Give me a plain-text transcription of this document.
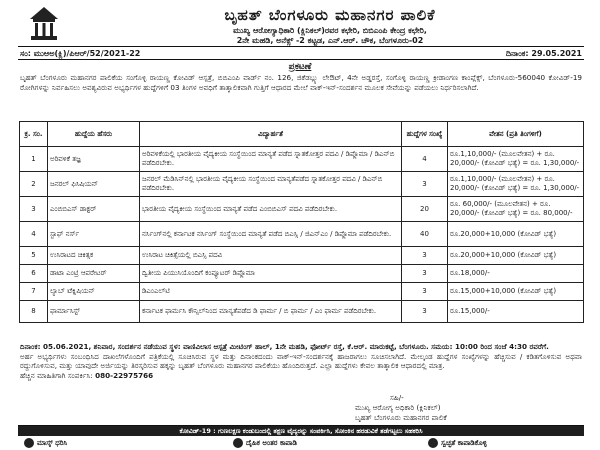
ಬೃಹತ್ ಬೆಂಗಳೂರು ಮಹಾನಗರ ಪಾಲಿಕೆ
ಮುಖ್ಯ ಆರೋಗ್ಯಾಧಿಕಾರಿ (ಕ್ಲಿನಿಕಲ್)ರವರ ಕಛೇರಿ, ಬಿಬಿಎಂಪಿ ಕೇಂದ್ರ ಕಛೇರಿ,
2ನೇ ಮಹಡಿ, ಅನೆಕ್ಸ್ -2 ಕಟ್ಟಡ, ಎನ್.ಆರ್. ಚೌಕ, ಬೆಂಗಳೂರು-02
ಸಂ: ಮುಆಅ(ಕ್ಲಿ)/ಪಿಆರ್/52/2021-22	ದಿನಾಂಕ: 29.05.2021
ಪ್ರಕಟಣೆ
ಬೃಹತ್ ಬೆಂಗಳೂರು ಮಹಾನಗರ ಪಾಲಿಕೆಯ ಸಂಗೊಳ್ಳಿ ರಾಯಣ್ಣ ಕೋವಿಡ್ ಆಸ್ಪತ್ರೆ, ಬಿಬಿಎಂಪಿ ವಾರ್ಡ್ ನಂ. 126, ಜಿಕೆಡಬ್ಲ್ಯು ಲೇಔಟ್, 4ನೇ ಅಡ್ಡರಸ್ತೆ, ಸಂಗೊಳ್ಳಿ ರಾಯಣ್ಣ ಕ್ರೀಡಾಂಗಣ ಕಾಂಪ್ಲೆಕ್ಸ್, ಬೆಂಗಳೂರು-560040 ಕೋವಿಡ್-19 ರೋಗಿಗಳನ್ನು ನಿರ್ವಹಿಸಲು ಅವಶ್ಯವಿರುವ ಅಭ್ಯರ್ಥಿಗಳ ಹುದ್ದೆಗಳಿಗೆ 03 ತಿಂಗಳ ಅವಧಿಗೆ ತಾತ್ಕಾಲಿಕವಾಗಿ ಗುತ್ತಿಗೆ ಆಧಾರದ ಮೇಲೆ ವಾಕ್-ಇನ್-ಸಂದರ್ಶನ ಮೂಲಕ ಸೇವೆಯನ್ನು ಪಡೆಯಲು ನಿರ್ಧರಿಸಲಾಗಿದೆ.
ಕ್ರ. ಸಂ.	ಹುದ್ದೆಯ ಹೆಸರು	ವಿದ್ಯಾರ್ಹತೆ	ಹುದ್ದೆಗಳ ಸಂಖ್ಯೆ	ವೇತನ (ಪ್ರತಿ ತಿಂಗಳಿಗೆ)
1	ಅರಿವಳಿಕೆ ತಜ್ಞ	ಅರಿವಳಿಕೆಯಲ್ಲಿ ಭಾರತೀಯ ವೈದ್ಯಕೀಯ ಸಂಸ್ಥೆಯಿಂದ ಮಾನ್ಯತೆ ಪಡೆದ ಸ್ನಾತಕೋತ್ತರ ಪದವಿ / ಡಿಪ್ಲೊಮಾ / ಡಿಎನ್‌ಬಿ ಪಡೆದಿರಬೇಕು.	4	ರೂ.1,10,000/- (ಮೂಲವೇತನ) + ರೂ. 20,000/- (ಕೋವಿಡ್ ಭತ್ಯೆ) = ರೂ. 1,30,000/-
2	ಜನರಲ್ ಫಿಸಿಷಿಯನ್	ಜನರಲ್ ಮೆಡಿಸಿನ್‌ನಲ್ಲಿ ಭಾರತೀಯ ವೈದ್ಯಕೀಯ ಸಂಸ್ಥೆಯಿಂದ ಮಾನ್ಯತೆಪಡೆದ ಸ್ನಾತಕೋತ್ತರ ಪದವಿ / ಡಿಎನ್‌ಬಿ ಪಡೆದಿರಬೇಕು.	3	ರೂ.1,10,000/- (ಮೂಲವೇತನ) + ರೂ. 20,000/- (ಕೋವಿಡ್ ಭತ್ಯೆ) = ರೂ. 1,30,000/-
3	ಎಂಬಿಬಿಎಸ್ ಡಾಕ್ಟರ್	ಭಾರತೀಯ ವೈದ್ಯಕೀಯ ಸಂಸ್ಥೆಯಿಂದ ಮಾನ್ಯತೆ ಪಡೆದ ಎಂಬಿಬಿಎಸ್ ಪದವಿ ಪಡೆದಿರಬೇಕು.	20	ರೂ. 60,000/- (ಮೂಲವೇತನ) + ರೂ. 20,000/- (ಕೋವಿಡ್ ಭತ್ಯೆ) = ರೂ. 80,000/-
4	ಸ್ಟಾಫ್ ನರ್ಸ್	ನರ್ಸಿಂಗ್‌ನಲ್ಲಿ ಕರ್ನಾಟಕ ನರ್ಸಿಂಗ್ ಸಂಸ್ಥೆಯಿಂದ ಮಾನ್ಯತೆ ಪಡೆದ ಬಿಎಸ್ಸಿ / ಜಿಎನ್‌ಎಂ / ಡಿಪ್ಲೊಮಾ ಪಡೆದಿರಬೇಕು.	40	ರೂ.20,000+10,000 (ಕೋವಿಡ್ ಭತ್ಯೆ)
5	ಉಸಿರಾಟದ ಚಿಕಿತ್ಸಕ	ಉಸಿರಾಟ ಚಿಕಿತ್ಸೆಯಲ್ಲಿ ಬಿಎಸ್ಸಿ ಪದವಿ	3	ರೂ.20,000+10,000 (ಕೋವಿಡ್ ಭತ್ಯೆ)
6	ಡಾಟಾ ಎಂಟ್ರಿ ಆಪರೇಟರ್	ದ್ವಿತೀಯ ಪಿಯುಸಿಯೊಂದಿಗೆ ಕಂಪ್ಯೂಟರ್ ಡಿಪ್ಲೊಮಾ	3	ರೂ.18,000/-
7	ಲ್ಯಾಬ್ ಟೆಕ್ನಿಷಿಯನ್	ಡಿಎಂಎಲ್‌ಟಿ	3	ರೂ.15,000+10,000 (ಕೋವಿಡ್ ಭತ್ಯೆ)
8	ಫಾರ್ಮಾಸಿಸ್ಟ್	ಕರ್ನಾಟಕ ಫಾರ್ಮಸಿ ಕೌನ್ಸಿಲ್‌ನಿಂದ ಮಾನ್ಯತೆಪಡೆದ ಡಿ ಫಾರ್ಮ / ಬಿ ಫಾರ್ಮ / ಎಂ ಫಾರ್ಮ ಪಡೆದಿರಬೇಕು.	3	ರೂ.15,000/-
ದಿನಾಂಕ: 05.06.2021, ಶನಿವಾರ, ಸಂದರ್ಶನ ನಡೆಯುವ ಸ್ಥಳ: ವಾಣಿವಿಲಾಸ ಆಸ್ಪತ್ರೆ ಮೀಟಿಂಗ್ ಹಾಲ್, 1ನೇ ಮಹಡಿ, ಫೋರ್ಟ್ ರಸ್ತೆ, ಕೆ.ಆರ್. ಮಾರುಕಟ್ಟೆ, ಬೆಂಗಳೂರು. ಸಮಯ: 10:00 ರಿಂದ ಸಂಜೆ 4:30 ರವರೆಗೆ.
ಅರ್ಹ ಅಭ್ಯರ್ಥಿಗಳು ಸಂಬಂಧಿಸಿದ ದಾಖಲೆಗಳೊಂದಿಗೆ ಪತ್ರಿಕೆಯಲ್ಲಿ ಸೂಚಿಸಿರುವ ಸ್ಥಳ ಮತ್ತು ದಿನಾಂಕದಂದು ವಾಕ್-ಇನ್-ಸಂದರ್ಶನಕ್ಕೆ ಹಾಜರಾಗಲು ಸೂಚಿಸಲಾಗಿದೆ. ಮೇಲ್ಕಂಡ ಹುದ್ದೆಗಳ ಸಂಖ್ಯೆಗಳನ್ನು ಹೆಚ್ಚಿಸುವ / ಕಡಿತಗೊಳಿಸುವ ಅಥವಾ ರದ್ದುಗೊಳಿಸುವ, ಮತ್ತು ಯಾವುದೇ ಅರ್ಜಿಯನ್ನು ತಿರಸ್ಕರಿಸುವ ಹಕ್ಕನ್ನು ಬೃಹತ್ ಬೆಂಗಳೂರು ಮಹಾನಗರ ಪಾಲಿಕೆಯು ಹೊಂದಿರುತ್ತದೆ. ಎಲ್ಲಾ ಹುದ್ದೆಗಳು ಕೇವಲ ತಾತ್ಕಾಲಿಕ ಆಧಾರದಲ್ಲಿ ಮಾತ್ರ.
ಹೆಚ್ಚಿನ ಮಾಹಿತಿಗಾಗಿ ಸಂಪರ್ಕಿಸಿ: 080-22975766
ಸಹಿ/-
ಮುಖ್ಯ ಆರೋಗ್ಯ ಅಧಿಕಾರಿ (ಕ್ಲಿನಿಕಲ್)
ಬೃಹತ್ ಬೆಂಗಳೂರು ಮಹಾನಗರ ಪಾಲಿಕೆ
ಕೋವಿಡ್-19 : ಗುಣಲಕ್ಷಣ ಕಂಡುಬಂದಲ್ಲಿ ತಕ್ಷಣ ವೈದ್ಯರನ್ನು ಸಂಪರ್ಕಿಸಿ, ಸೋಂಕಿನ ಹರಡುವಿಕೆ ತಡೆಗಟ್ಟಲು ಸಹಕರಿಸಿ
ಮಾಸ್ಕ್ ಧರಿಸಿ	ದೈಹಿಕ ಅಂತರ ಕಾಪಾಡಿ	ಸ್ವಚ್ಛತೆ ಕಾಪಾಡಿಕೊಳ್ಳಿ
